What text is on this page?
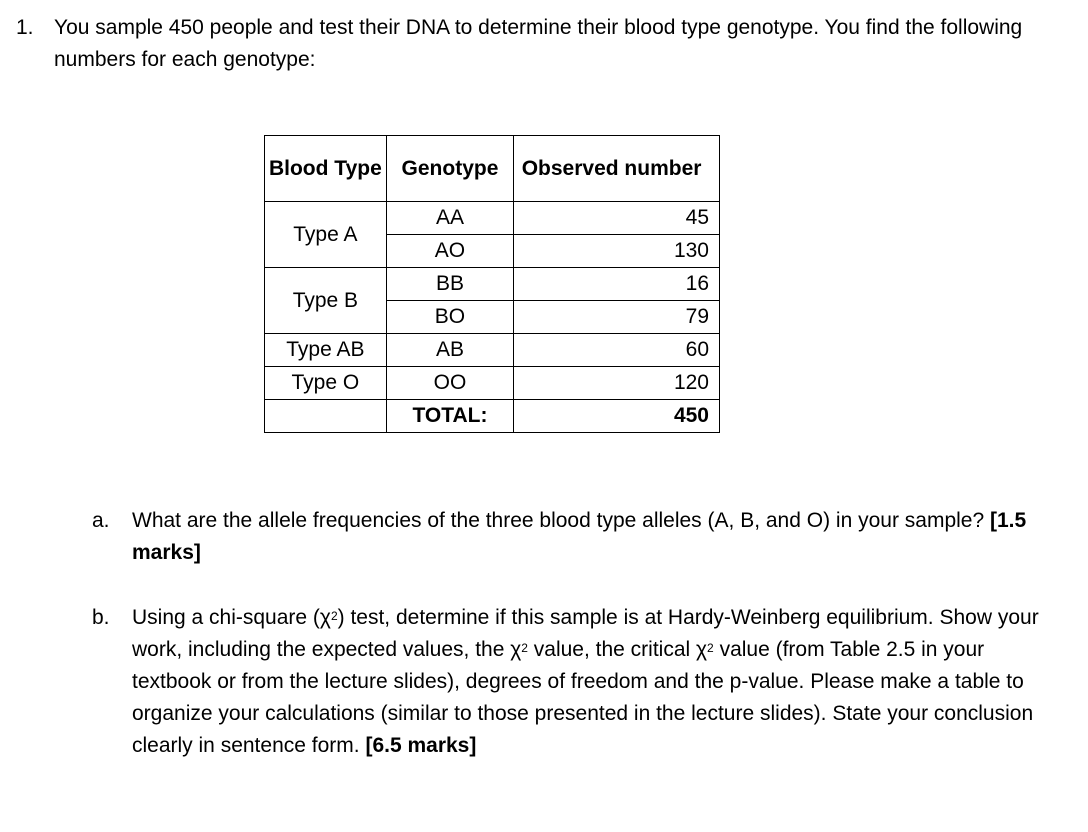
1. You sample 450 people and test their DNA to determine their blood type genotype. You find the following numbers for each genotype:
Blood Type	Genotype	Observed number
Type A	AA	45
	AO	130
Type B	BB	16
	BO	79
Type AB	AB	60
Type O	OO	120
	TOTAL:	450
a. What are the allele frequencies of the three blood type alleles (A, B, and O) in your sample? [1.5 marks]
b. Using a chi-square $(\chi^2)$ test, determine if this sample is at Hardy-Weinberg equilibrium. Show your work, including the expected values, the $\chi^2$ value, the critical $\chi^2$ value (from Table 2.5 in your textbook or from the lecture slides), degrees of freedom and the p-value. Please make a table to organize your calculations (similar to those presented in the lecture slides). State your conclusion clearly in sentence form. [6.5 marks]
